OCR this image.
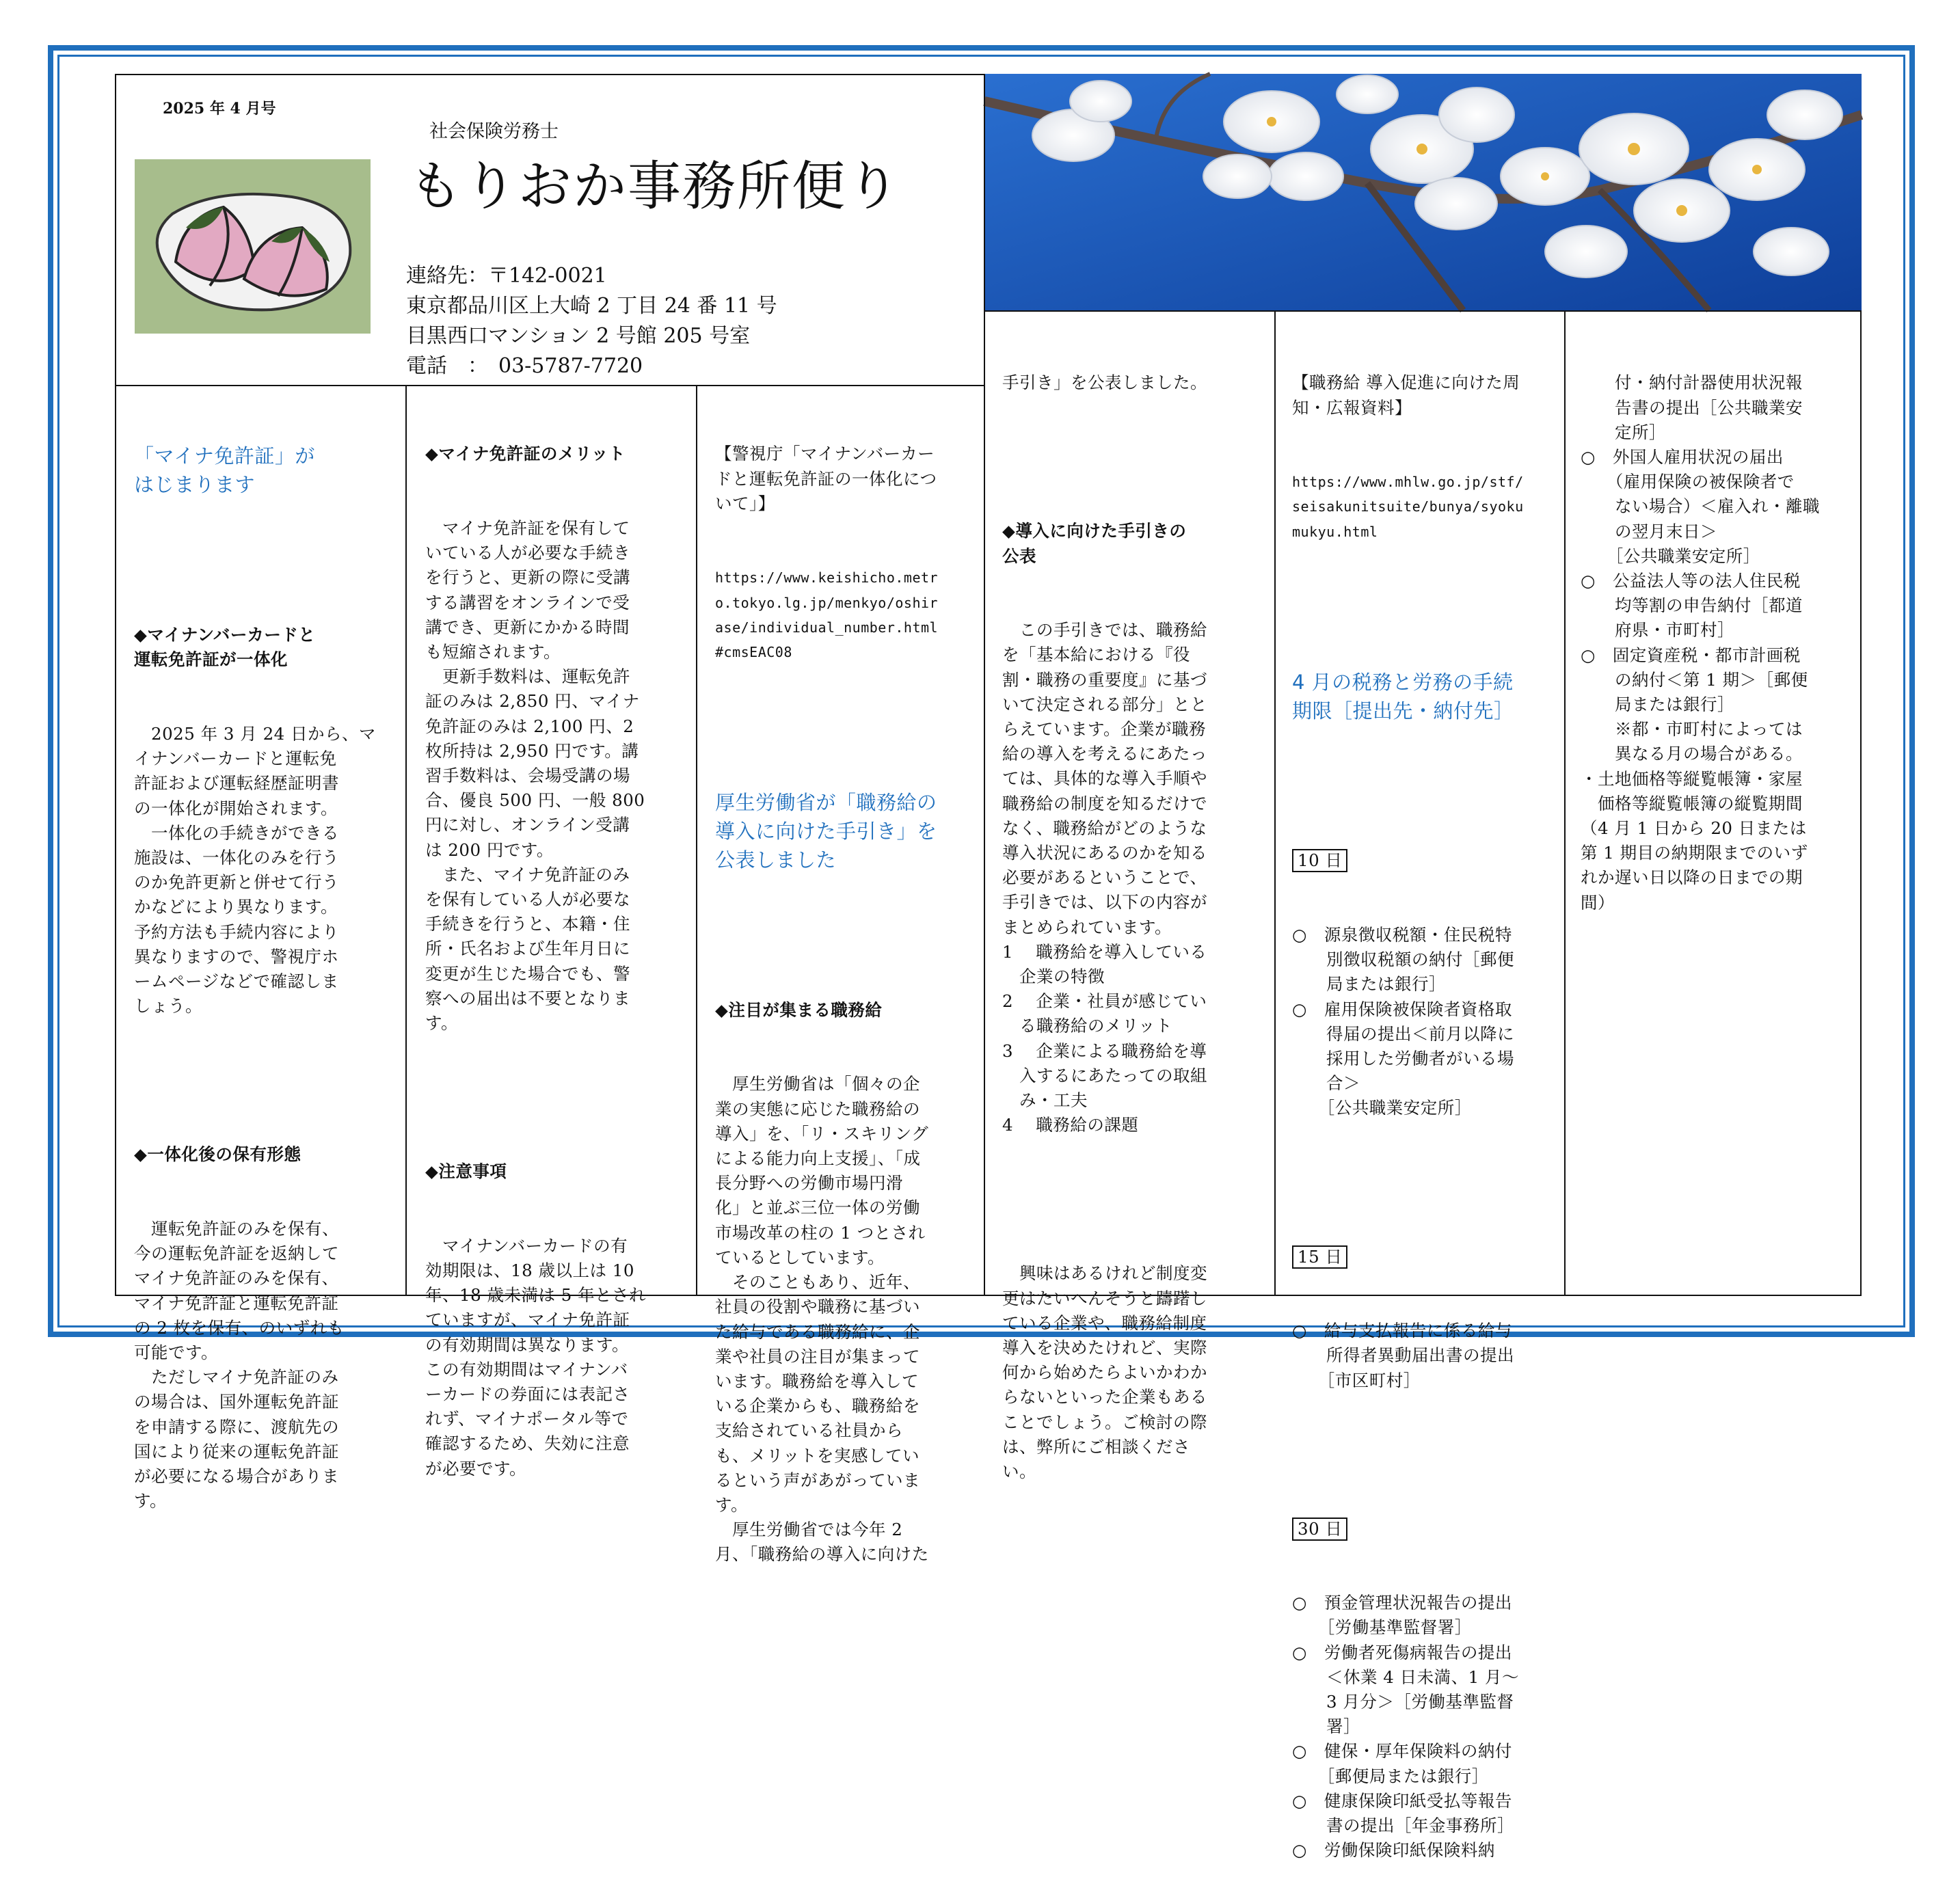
2025 年 4 月号
社会保険労務士
もりおか事務所便り
連絡先：〒142-0021
東京都品川区上大崎 2 丁目 24 番 11 号
目黒西口マンション 2 号館 205 号室
電話　：　03-5787-7720

「マイナ免許証」が
はじまります

◆マイナンバーカードと
運転免許証が一体化

　2025 年 3 月 24 日から、マ
イナンバーカードと運転免
許証および運転経歴証明書
の一体化が開始されます。
　一体化の手続きができる
施設は、一体化のみを行う
のか免許更新と併せて行う
かなどにより異なります。
予約方法も手続内容により
異なりますので、警視庁ホ
ームページなどで確認しま
しょう。

◆一体化後の保有形態

　運転免許証のみを保有、
今の運転免許証を返納して
マイナ免許証のみを保有、
マイナ免許証と運転免許証
の 2 枚を保有、のいずれも
可能です。
　ただしマイナ免許証のみ
の場合は、国外運転免許証
を申請する際に、渡航先の
国により従来の運転免許証
が必要になる場合がありま
す。

◆マイナ免許証のメリット

　マイナ免許証を保有して
いている人が必要な手続き
を行うと、更新の際に受講
する講習をオンラインで受
講でき、更新にかかる時間
も短縮されます。
　更新手数料は、運転免許
証のみは 2,850 円、マイナ
免許証のみは 2,100 円、2
枚所持は 2,950 円です。講
習手数料は、会場受講の場
合、優良 500 円、一般 800
円に対し、オンライン受講
は 200 円です。
　また、マイナ免許証のみ
を保有している人が必要な
手続きを行うと、本籍・住
所・氏名および生年月日に
変更が生じた場合でも、警
察への届出は不要となりま
す。

◆注意事項

　マイナンバーカードの有
効期限は、18 歳以上は 10
年、18 歳未満は 5 年とされ
ていますが、マイナ免許証
の有効期間は異なります。
この有効期間はマイナンバ
ーカードの券面には表記さ
れず、マイナポータル等で
確認するため、失効に注意
が必要です。

【警視庁「マイナンバーカー
ドと運転免許証の一体化につ
いて」】

https://www.keishicho.metr
o.tokyo.lg.jp/menkyo/oshir
ase/individual_number.html
#cmsEAC08

厚生労働省が「職務給の
導入に向けた手引き」を
公表しました

◆注目が集まる職務給

　厚生労働省は「個々の企
業の実態に応じた職務給の
導入」を、「リ・スキリング
による能力向上支援」、「成
長分野への労働市場円滑
化」と並ぶ三位一体の労働
市場改革の柱の 1 つとされ
ているとしています。
　そのこともあり、近年、
社員の役割や職務に基づい
た給与である職務給に、企
業や社員の注目が集まって
います。職務給を導入して
いる企業からも、職務給を
支給されている社員から
も、メリットを実感してい
るという声があがっていま
す。
　厚生労働省では今年 2
月、「職務給の導入に向けた

手引き」を公表しました。

◆導入に向けた手引きの
公表

　この手引きでは、職務給
を「基本給における『役
割・職務の重要度』に基づ
いて決定される部分」とと
らえています。企業が職務
給の導入を考えるにあたっ
ては、具体的な導入手順や
職務給の制度を知るだけで
なく、職務給がどのような
導入状況にあるのかを知る
必要があるということで、
手引きでは、以下の内容が
まとめられています。
1　 職務給を導入している
　企業の特徴
2　 企業・社員が感じてい
　る職務給のメリット
3　 企業による職務給を導
　入するにあたっての取組
　み・工夫
4　 職務給の課題

　興味はあるけれど制度変
更はたいへんそうと躊躇し
ている企業や、職務給制度
導入を決めたけれど、実際
何から始めたらよいかわか
らないといった企業もある
ことでしょう。ご検討の際
は、弊所にご相談くださ
い。

【職務給 導入促進に向けた周
知・広報資料】

https://www.mhlw.go.jp/stf/
seisakunitsuite/bunya/syoku
mukyu.html

4 月の税務と労務の手続
期限［提出先・納付先］

10 日

○　源泉徴収税額・住民税特
　　別徴収税額の納付［郵便
　　局または銀行］
○　雇用保険被保険者資格取
　　得届の提出＜前月以降に
　　採用した労働者がいる場
　　合＞
　　［公共職業安定所］

15 日

○　給与支払報告に係る給与
　　所得者異動届出書の提出
　　［市区町村］

30 日

○　預金管理状況報告の提出
　　［労働基準監督署］
○　労働者死傷病報告の提出
　　＜休業 4 日未満、1 月〜
　　3 月分＞［労働基準監督
　　署］
○　健保・厚年保険料の納付
　　［郵便局または銀行］
○　健康保険印紙受払等報告
　　書の提出［年金事務所］
○　労働保険印紙保険料納

　　付・納付計器使用状況報
　　告書の提出［公共職業安
　　定所］
○　外国人雇用状況の届出
　　（雇用保険の被保険者で
　　ない場合）＜雇入れ・離職
　　の翌月末日＞
　　［公共職業安定所］
○　公益法人等の法人住民税
　　均等割の申告納付［都道
　　府県・市町村］
○　固定資産税・都市計画税
　　の納付＜第 1 期＞［郵便
　　局または銀行］
　　※都・市町村によっては
　　異なる月の場合がある。
・土地価格等縦覧帳簿・家屋
　価格等縦覧帳簿の縦覧期間
（4 月 1 日から 20 日または
第 1 期目の納期限までのいず
れか遅い日以降の日までの期
間）
